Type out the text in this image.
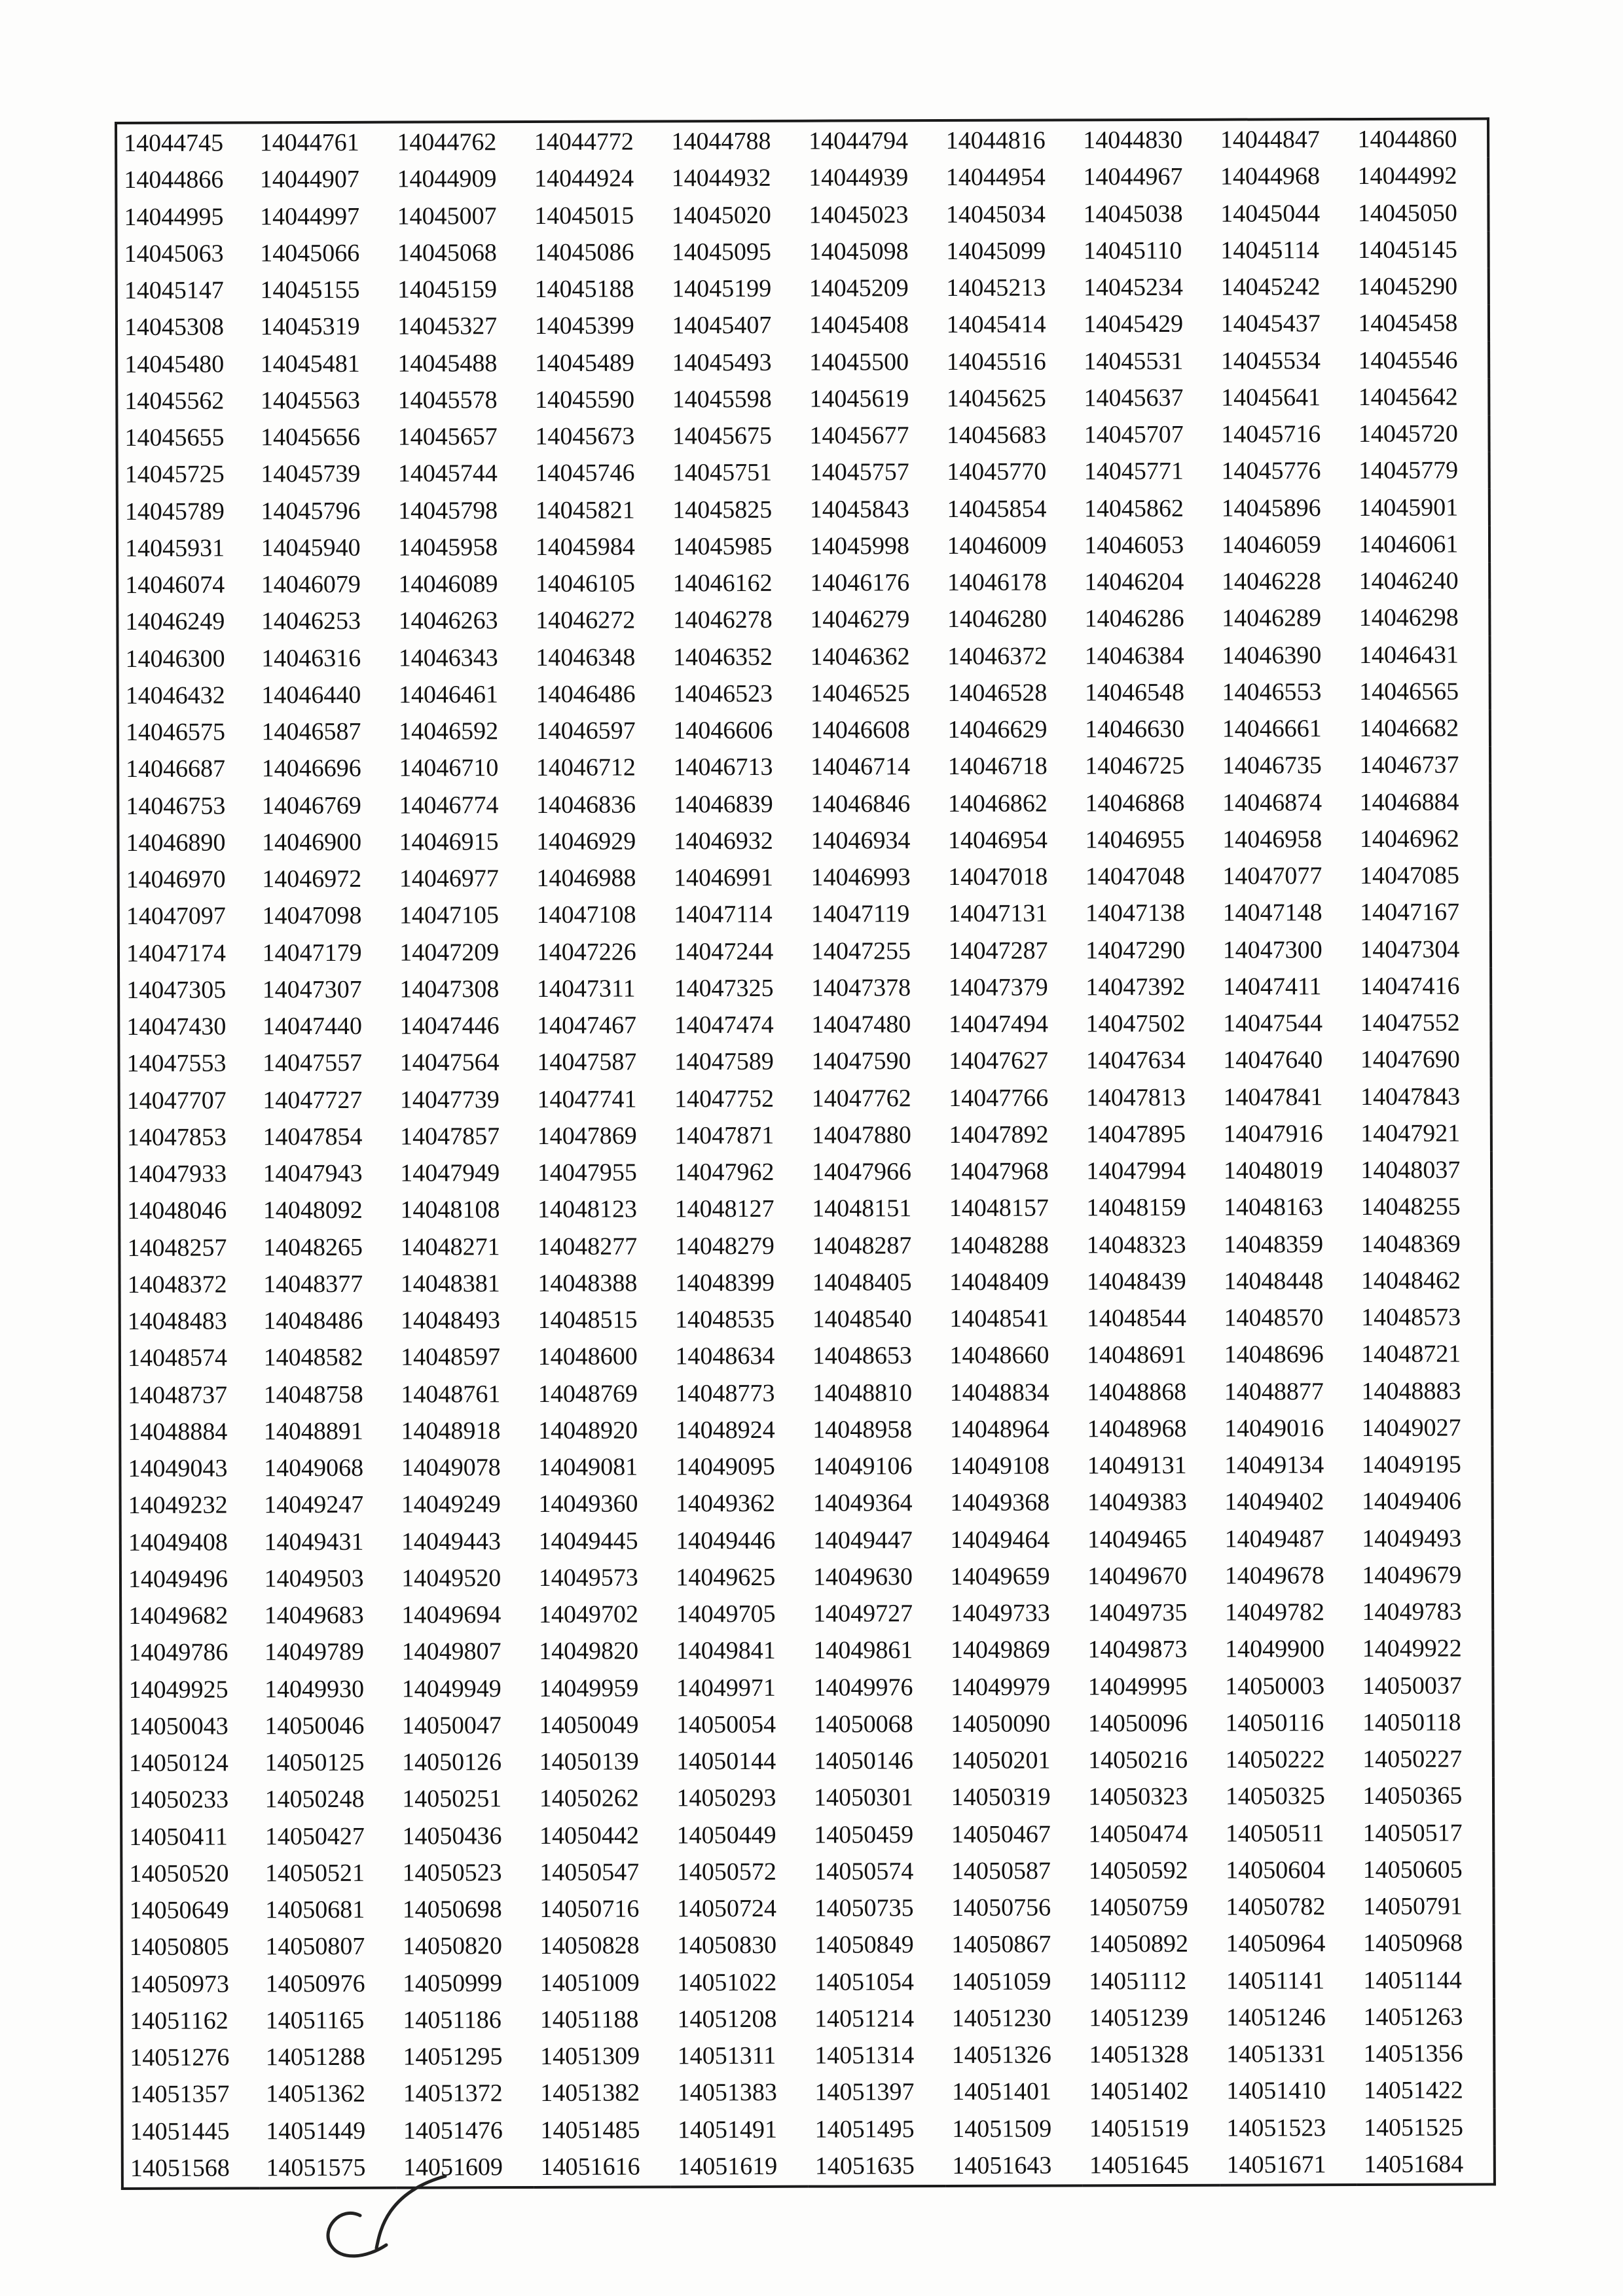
14044745	14044761	14044762	14044772	14044788	14044794	14044816	14044830	14044847	14044860
14044866	14044907	14044909	14044924	14044932	14044939	14044954	14044967	14044968	14044992
14044995	14044997	14045007	14045015	14045020	14045023	14045034	14045038	14045044	14045050
14045063	14045066	14045068	14045086	14045095	14045098	14045099	14045110	14045114	14045145
14045147	14045155	14045159	14045188	14045199	14045209	14045213	14045234	14045242	14045290
14045308	14045319	14045327	14045399	14045407	14045408	14045414	14045429	14045437	14045458
14045480	14045481	14045488	14045489	14045493	14045500	14045516	14045531	14045534	14045546
14045562	14045563	14045578	14045590	14045598	14045619	14045625	14045637	14045641	14045642
14045655	14045656	14045657	14045673	14045675	14045677	14045683	14045707	14045716	14045720
14045725	14045739	14045744	14045746	14045751	14045757	14045770	14045771	14045776	14045779
14045789	14045796	14045798	14045821	14045825	14045843	14045854	14045862	14045896	14045901
14045931	14045940	14045958	14045984	14045985	14045998	14046009	14046053	14046059	14046061
14046074	14046079	14046089	14046105	14046162	14046176	14046178	14046204	14046228	14046240
14046249	14046253	14046263	14046272	14046278	14046279	14046280	14046286	14046289	14046298
14046300	14046316	14046343	14046348	14046352	14046362	14046372	14046384	14046390	14046431
14046432	14046440	14046461	14046486	14046523	14046525	14046528	14046548	14046553	14046565
14046575	14046587	14046592	14046597	14046606	14046608	14046629	14046630	14046661	14046682
14046687	14046696	14046710	14046712	14046713	14046714	14046718	14046725	14046735	14046737
14046753	14046769	14046774	14046836	14046839	14046846	14046862	14046868	14046874	14046884
14046890	14046900	14046915	14046929	14046932	14046934	14046954	14046955	14046958	14046962
14046970	14046972	14046977	14046988	14046991	14046993	14047018	14047048	14047077	14047085
14047097	14047098	14047105	14047108	14047114	14047119	14047131	14047138	14047148	14047167
14047174	14047179	14047209	14047226	14047244	14047255	14047287	14047290	14047300	14047304
14047305	14047307	14047308	14047311	14047325	14047378	14047379	14047392	14047411	14047416
14047430	14047440	14047446	14047467	14047474	14047480	14047494	14047502	14047544	14047552
14047553	14047557	14047564	14047587	14047589	14047590	14047627	14047634	14047640	14047690
14047707	14047727	14047739	14047741	14047752	14047762	14047766	14047813	14047841	14047843
14047853	14047854	14047857	14047869	14047871	14047880	14047892	14047895	14047916	14047921
14047933	14047943	14047949	14047955	14047962	14047966	14047968	14047994	14048019	14048037
14048046	14048092	14048108	14048123	14048127	14048151	14048157	14048159	14048163	14048255
14048257	14048265	14048271	14048277	14048279	14048287	14048288	14048323	14048359	14048369
14048372	14048377	14048381	14048388	14048399	14048405	14048409	14048439	14048448	14048462
14048483	14048486	14048493	14048515	14048535	14048540	14048541	14048544	14048570	14048573
14048574	14048582	14048597	14048600	14048634	14048653	14048660	14048691	14048696	14048721
14048737	14048758	14048761	14048769	14048773	14048810	14048834	14048868	14048877	14048883
14048884	14048891	14048918	14048920	14048924	14048958	14048964	14048968	14049016	14049027
14049043	14049068	14049078	14049081	14049095	14049106	14049108	14049131	14049134	14049195
14049232	14049247	14049249	14049360	14049362	14049364	14049368	14049383	14049402	14049406
14049408	14049431	14049443	14049445	14049446	14049447	14049464	14049465	14049487	14049493
14049496	14049503	14049520	14049573	14049625	14049630	14049659	14049670	14049678	14049679
14049682	14049683	14049694	14049702	14049705	14049727	14049733	14049735	14049782	14049783
14049786	14049789	14049807	14049820	14049841	14049861	14049869	14049873	14049900	14049922
14049925	14049930	14049949	14049959	14049971	14049976	14049979	14049995	14050003	14050037
14050043	14050046	14050047	14050049	14050054	14050068	14050090	14050096	14050116	14050118
14050124	14050125	14050126	14050139	14050144	14050146	14050201	14050216	14050222	14050227
14050233	14050248	14050251	14050262	14050293	14050301	14050319	14050323	14050325	14050365
14050411	14050427	14050436	14050442	14050449	14050459	14050467	14050474	14050511	14050517
14050520	14050521	14050523	14050547	14050572	14050574	14050587	14050592	14050604	14050605
14050649	14050681	14050698	14050716	14050724	14050735	14050756	14050759	14050782	14050791
14050805	14050807	14050820	14050828	14050830	14050849	14050867	14050892	14050964	14050968
14050973	14050976	14050999	14051009	14051022	14051054	14051059	14051112	14051141	14051144
14051162	14051165	14051186	14051188	14051208	14051214	14051230	14051239	14051246	14051263
14051276	14051288	14051295	14051309	14051311	14051314	14051326	14051328	14051331	14051356
14051357	14051362	14051372	14051382	14051383	14051397	14051401	14051402	14051410	14051422
14051445	14051449	14051476	14051485	14051491	14051495	14051509	14051519	14051523	14051525
14051568	14051575	14051609	14051616	14051619	14051635	14051643	14051645	14051671	14051684
